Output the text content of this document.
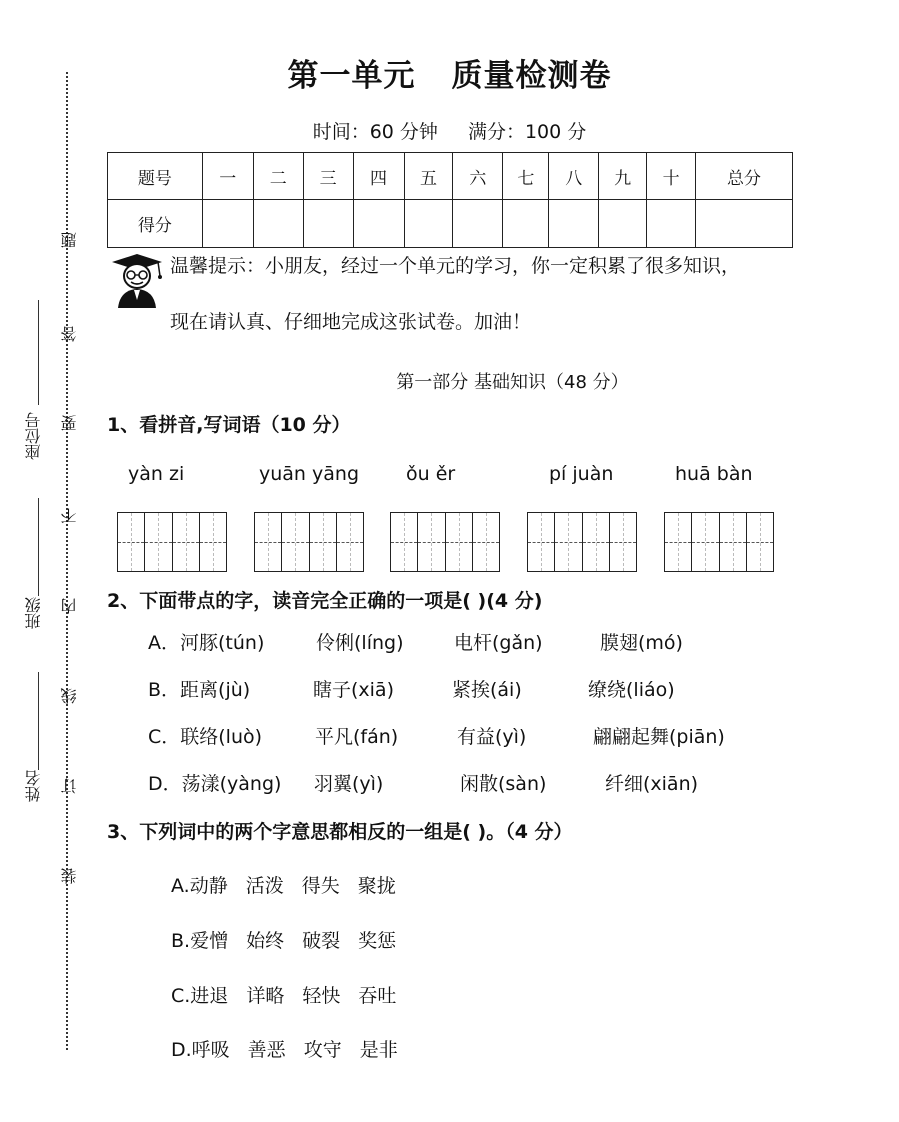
题
答
要
不
内
线
订
装
座位号
班级
姓名
第一单元 质量检测卷
时间：60 分钟 满分：100 分
题号	一	二	三	四	五	六	七	八	九	十	总分
得分											
温馨提示：小朋友，经过一个单元的学习，你一定积累了很多知识，
现在请认真、仔细地完成这张试卷。加油！
第一部分 基础知识（48 分）
1、看拼音,写词语（10 分）
yàn zi	yuān yāng ǒu ěr	pí juàn	huā bàn
2、下面带点的字，读音完全正确的一项是( )(4 分)
A．河豚(tún)	伶俐(líng)	电杆(gǎn)	膜翅(mó)
B．距离(jù)	瞎子(xiā)	紧挨(ái)	缭绕(liáo)
C．联络(luò)	平凡(fán)	有益(yì)	翩翩起舞(piān)
D．荡漾(yàng)	羽翼(yì)	闲散(sàn)	纤细(xiān)
3、下列词中的两个字意思都相反的一组是( )。（4 分）
A.动静 活泼 得失 聚拢
B.爱憎 始终 破裂 奖惩
C.进退 详略 轻快 吞吐
D.呼吸 善恶 攻守 是非
